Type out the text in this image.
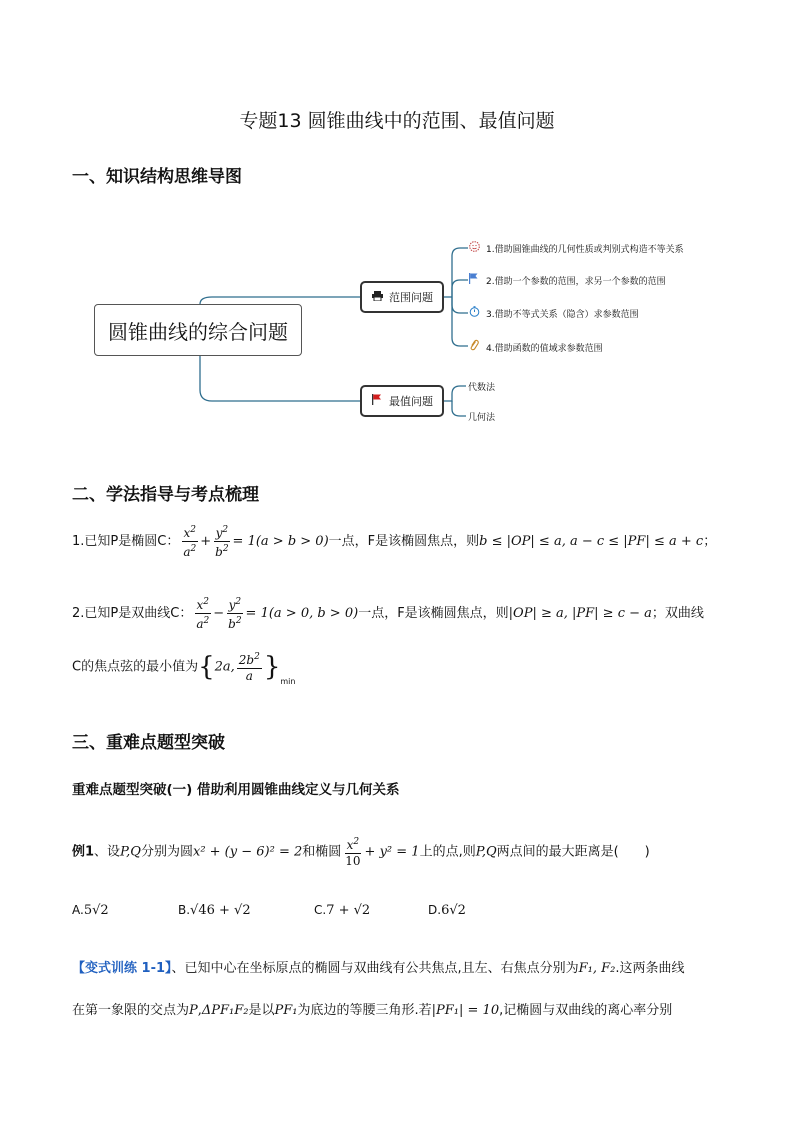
专题13 圆锥曲线中的范围、最值问题
一、知识结构思维导图
圆锥曲线的综合问题
范围问题
最值问题
1.借助圆锥曲线的几何性质或判别式构造不等关系
2.借助一个参数的范围，求另一个参数的范围
3.借助不等式关系（隐含）求参数范围
4.借助函数的值域求参数范围
代数法
几何法
二、学法指导与考点梳理
1.已知P是椭圆C： $\frac{x^2}{a^2} + \frac{y^2}{b^2} = 1(a > b > 0)$一点，F是该椭圆焦点，则b ≤ |OP| ≤ a, a − c ≤ |PF| ≤ a + c；
2.已知P是双曲线C： $\frac{x^2}{a^2} - \frac{y^2}{b^2} = 1(a > 0$, b > 0)一点，F是该椭圆焦点，则|OP| ≥ a, |PF| ≥ c − a；双曲线
C的焦点弦的最小值为{2a, $\frac{2b^2}{a} \}_{min}$
三、重难点题型突破
重难点题型突破(一) 借助利用圆锥曲线定义与几何关系
例1、设P,Q分别为圆x² + (y − 6)² = 2和椭圆 $\frac{x^2}{10} + y^2 = 1$上的点,则P,Q两点间的最大距离是(　　)
A.5√2	B.√46 + √2	C.7 + √2	D.6√2
【变式训练 1-1】、已知中心在坐标原点的椭圆与双曲线有公共焦点,且左、右焦点分别为F₁, F₂.这两条曲线
在第一象限的交点为P,ΔPF₁F₂是以PF₁为底边的等腰三角形.若|PF₁| = 10,记椭圆与双曲线的离心率分别
